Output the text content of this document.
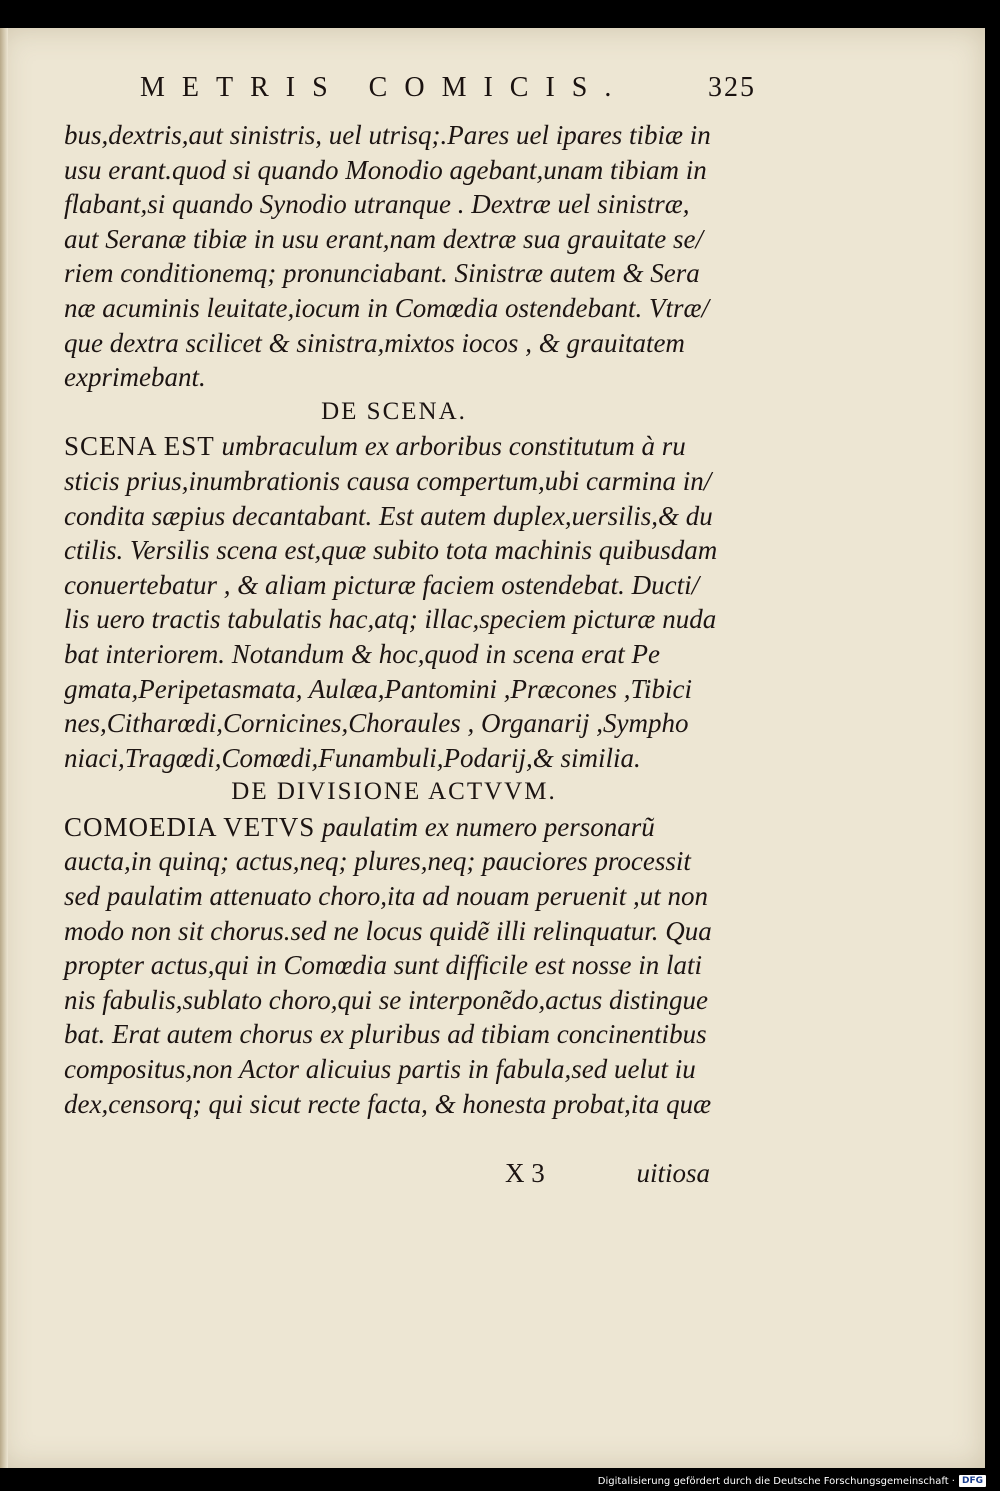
METRIS COMICIS.	325
bus,dextris,aut sinistris, uel utrisq;.Pares uel ipares tibiæ in
usu erant.quod si quando Monodio agebant,unam tibiam in
flabant,si quando Synodio utranque . Dextræ uel sinistræ,
aut Seranæ tibiæ in usu erant,nam dextræ sua grauitate se/
riem conditionemq; pronunciabant. Sinistræ autem & Sera
næ acuminis leuitate,iocum in Comœdia ostendebant. Vtræ/
que dextra scilicet & sinistra,mixtos iocos , & grauitatem
exprimebant.
DE SCENA.
SCENA EST umbraculum ex arboribus constitutum à ru
sticis prius,inumbrationis causa compertum,ubi carmina in/
condita sæpius decantabant. Est autem duplex,uersilis,& du
ctilis. Versilis scena est,quæ subito tota machinis quibusdam
conuertebatur , & aliam picturæ faciem ostendebat. Ducti/
lis uero tractis tabulatis hac,atq; illac,speciem picturæ nuda
bat interiorem. Notandum & hoc,quod in scena erat Pe
gmata,Peripetasmata, Aulæa,Pantomini ,Præcones ,Tibici
nes,Citharœdi,Cornicines,Choraules , Organarij ,Sympho
niaci,Tragœdi,Comœdi,Funambuli,Podarij,& similia.
DE DIVISIONE ACTVVM.
COMOEDIA VETVS paulatim ex numero personarũ
aucta,in quinq; actus,neq; plures,neq; pauciores processit
sed paulatim attenuato choro,ita ad nouam peruenit ,ut non
modo non sit chorus.sed ne locus quidẽ illi relinquatur. Qua
propter actus,qui in Comœdia sunt difficile est nosse in lati
nis fabulis,sublato choro,qui se interponẽdo,actus distingue
bat. Erat autem chorus ex pluribus ad tibiam concinentibus
compositus,non Actor alicuius partis in fabula,sed uelut iu
dex,censorq; qui sicut recte facta, & honesta probat,ita quæ
X 3	uitiosa
Digitalisierung gefördert durch die Deutsche Forschungsgemeinschaft · DFG
